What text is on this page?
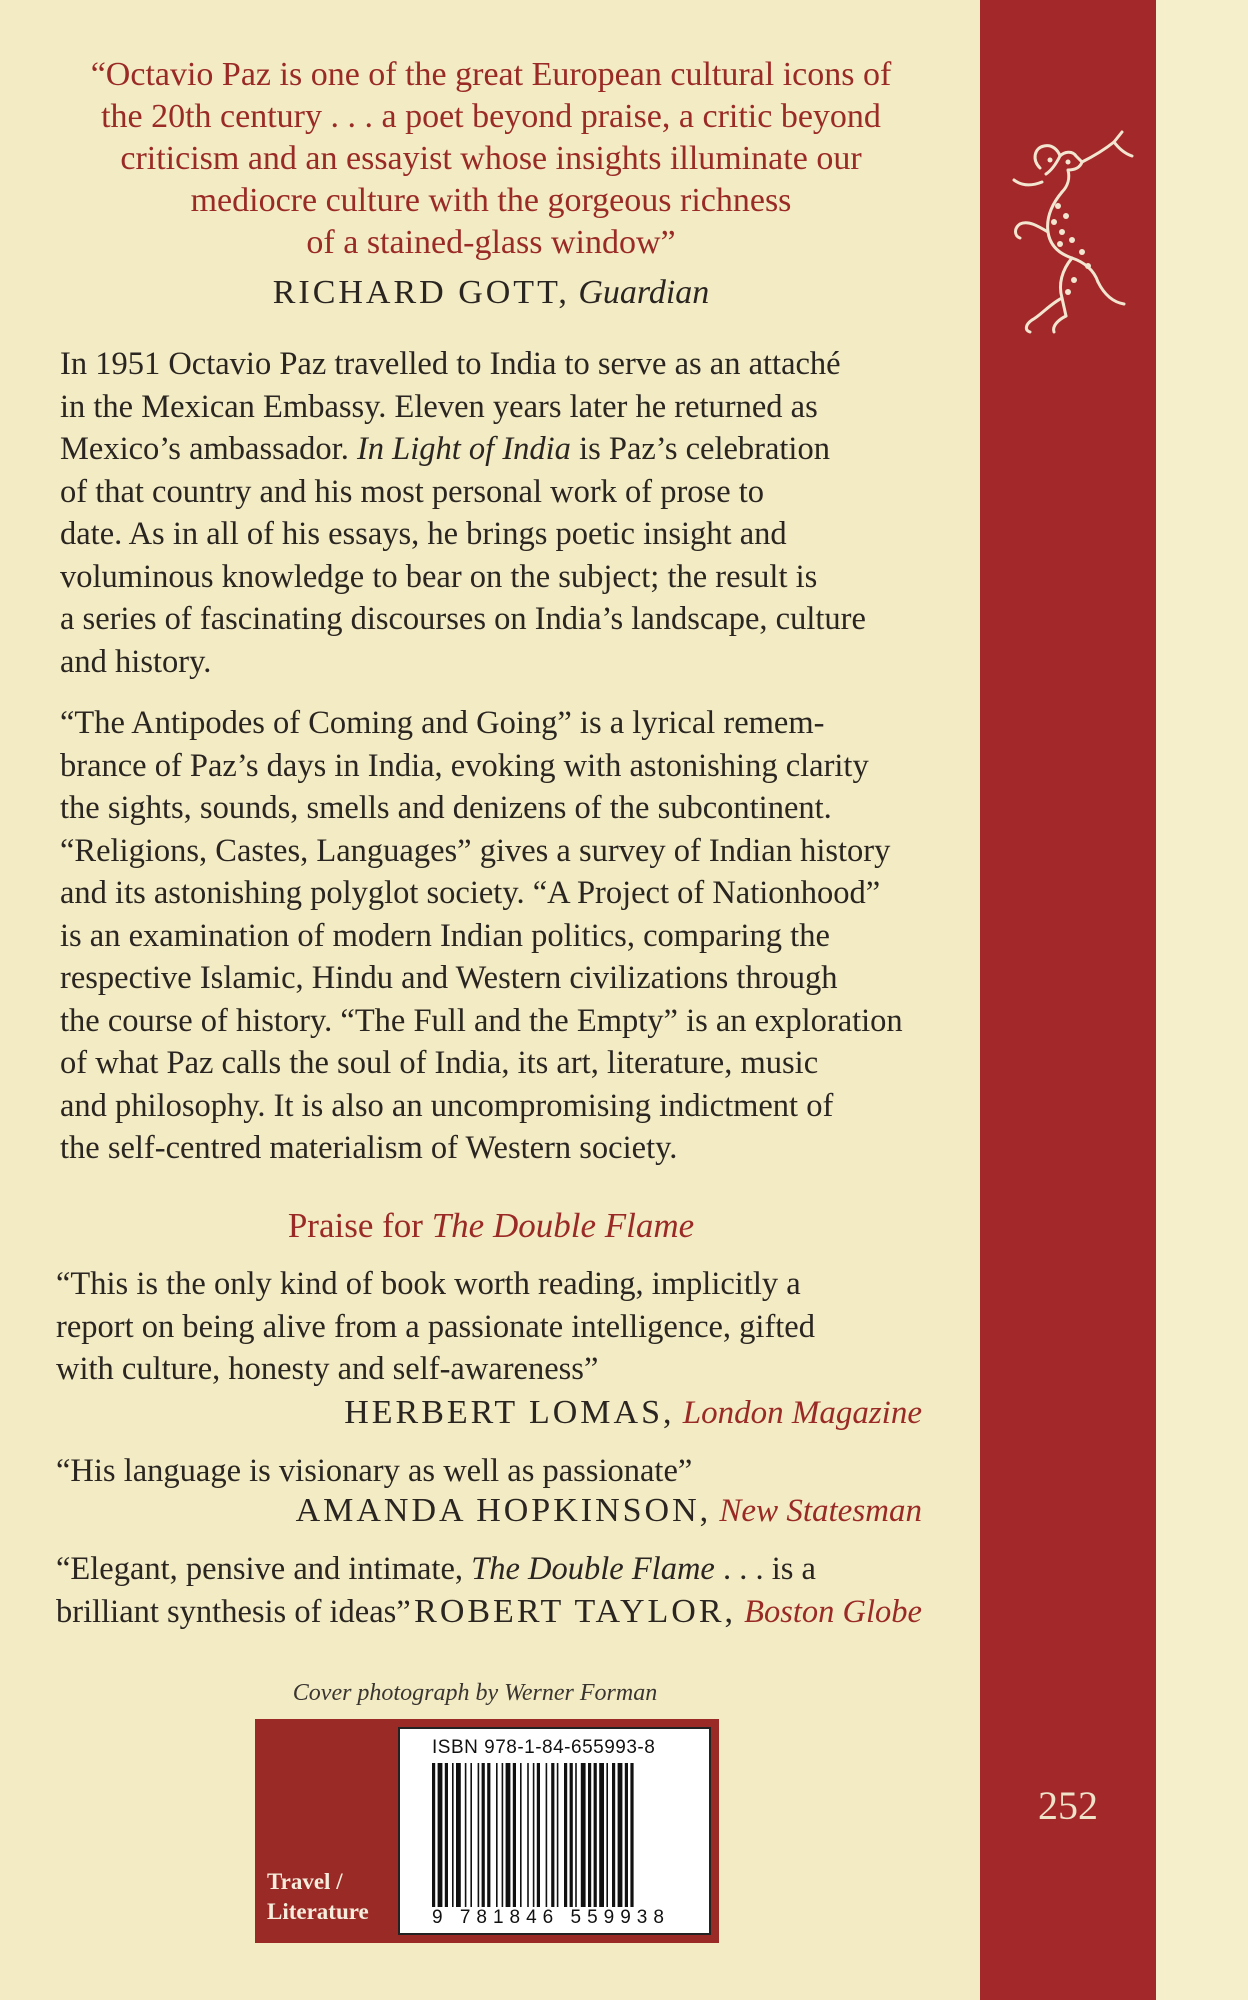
“Octavio Paz is one of the great European cultural icons of
the 20th century . . . a poet beyond praise, a critic beyond
criticism and an essayist whose insights illuminate our
mediocre culture with the gorgeous richness
of a stained-glass window”
RICHARD GOTT, Guardian
In 1951 Octavio Paz travelled to India to serve as an attaché
in the Mexican Embassy. Eleven years later he returned as
Mexico’s ambassador. In Light of India is Paz’s celebration
of that country and his most personal work of prose to
date. As in all of his essays, he brings poetic insight and
voluminous knowledge to bear on the subject; the result is
a series of fascinating discourses on India’s landscape, culture
and history.
“The Antipodes of Coming and Going” is a lyrical remem-
brance of Paz’s days in India, evoking with astonishing clarity
the sights, sounds, smells and denizens of the subcontinent.
“Religions, Castes, Languages” gives a survey of Indian history
and its astonishing polyglot society. “A Project of Nationhood”
is an examination of modern Indian politics, comparing the
respective Islamic, Hindu and Western civilizations through
the course of history. “The Full and the Empty” is an exploration
of what Paz calls the soul of India, its art, literature, music
and philosophy. It is also an uncompromising indictment of
the self-centred materialism of Western society.
Praise for The Double Flame
“This is the only kind of book worth reading, implicitly a
report on being alive from a passionate intelligence, gifted
with culture, honesty and self-awareness”
HERBERT LOMAS, London Magazine
“His language is visionary as well as passionate”
AMANDA HOPKINSON, New Statesman
“Elegant, pensive and intimate, The Double Flame . . . is a
brilliant synthesis of ideas” ROBERT TAYLOR, Boston Globe
Cover photograph by Werner Forman
Travel /
Literature
ISBN 978-1-84-655993-8
9 781846 559938
252
